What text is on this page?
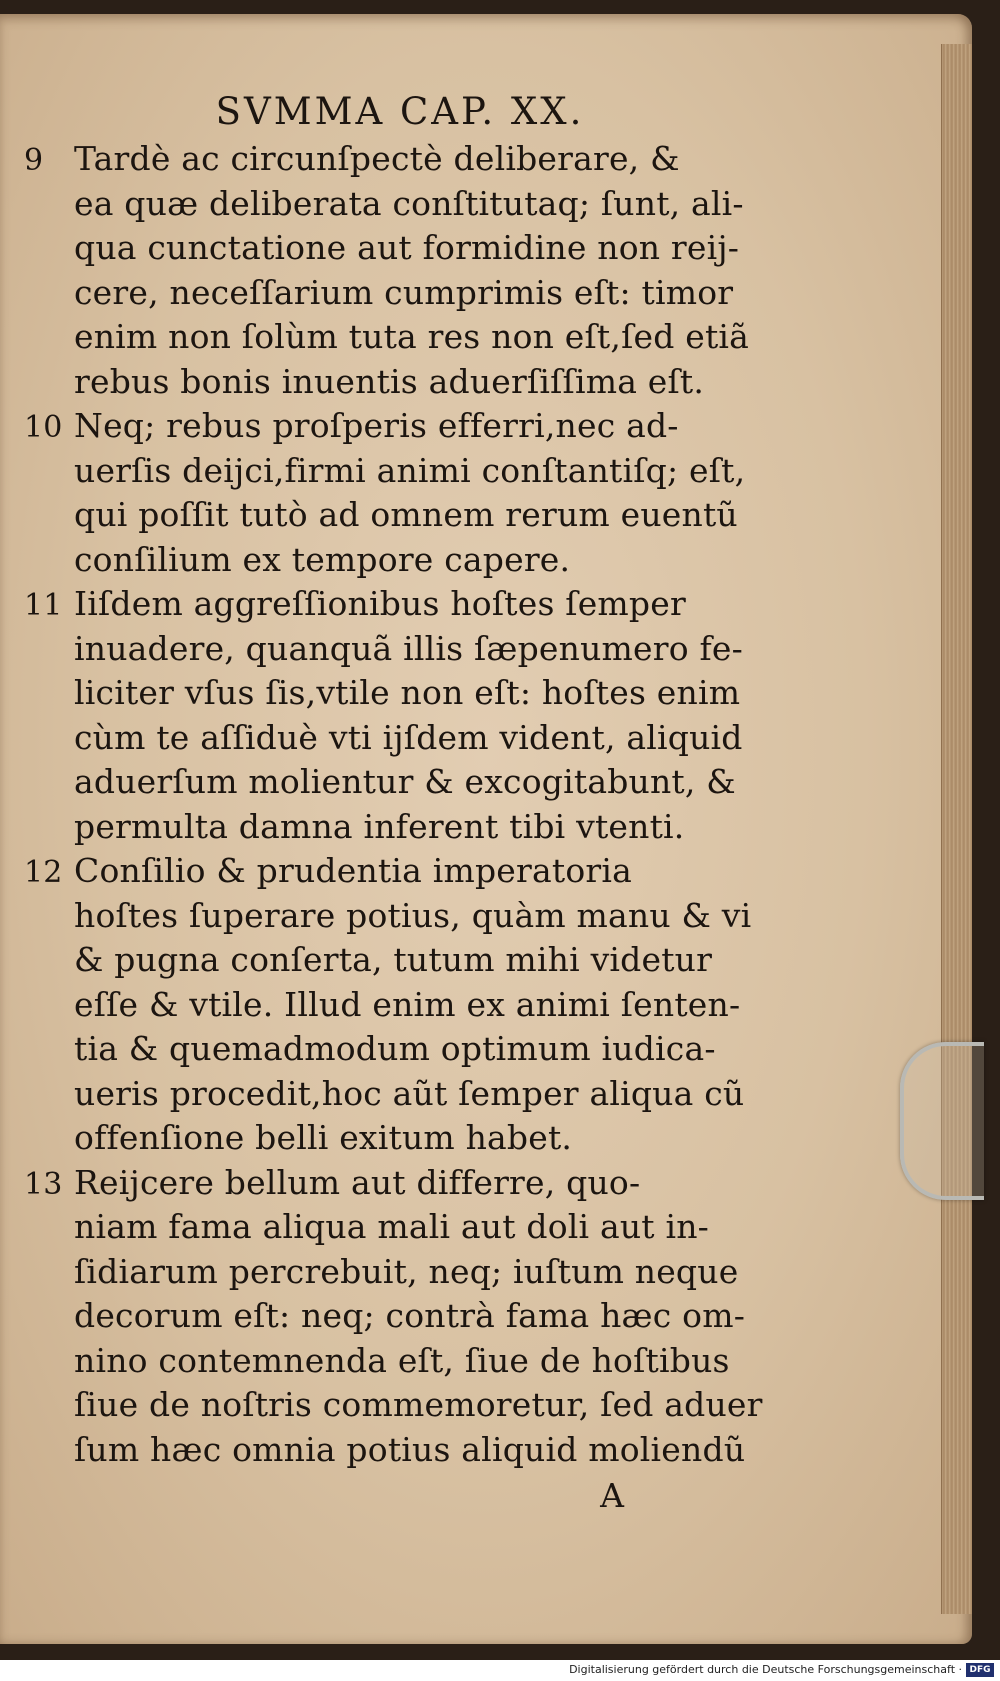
SVMMA CAP. XX.
9 Tardè ac circunſpectè deliberare, &
ea quæ deliberata conſtitutaq; ſunt, ali-
qua cunctatione aut formidine non reij-
cere, neceſſarium cumprimis eſt: timor
enim non ſolùm tuta res non eſt,ſed etiã
rebus bonis inuentis aduerſiſſima eſt.
10 Neq; rebus proſperis efferri,nec ad-
uerſis deijci,firmi animi conſtantiſq; eſt,
qui poſſit tutò ad omnem rerum euentũ
conſilium ex tempore capere.
11 Iiſdem aggreſſionibus hoſtes ſemper
inuadere, quanquã illis ſæpenumero fe-
liciter vſus ſis,vtile non eſt: hoſtes enim
cùm te aſſiduè vti ijſdem vident, aliquid
aduerſum molientur & excogitabunt, &
permulta damna inferent tibi vtenti.
12 Conſilio & prudentia imperatoria
hoſtes ſuperare potius, quàm manu & vi
& pugna conſerta, tutum mihi videtur
eſſe & vtile. Illud enim ex animi ſenten-
tia & quemadmodum optimum iudica-
ueris procedit,hoc aũt ſemper aliqua cũ
offenſione belli exitum habet.
13 Reijcere bellum aut differre, quo-
niam fama aliqua mali aut doli aut in-
ſidiarum percrebuit, neq; iuſtum neque
decorum eſt: neq; contrà fama hæc om-
nino contemnenda eſt, ſiue de hoſtibus
ſiue de noſtris commemoretur, ſed aduer
ſum hæc omnia potius aliquid moliendũ
A
Digitalisierung gefördert durch die Deutsche Forschungsgemeinschaft · DFG
